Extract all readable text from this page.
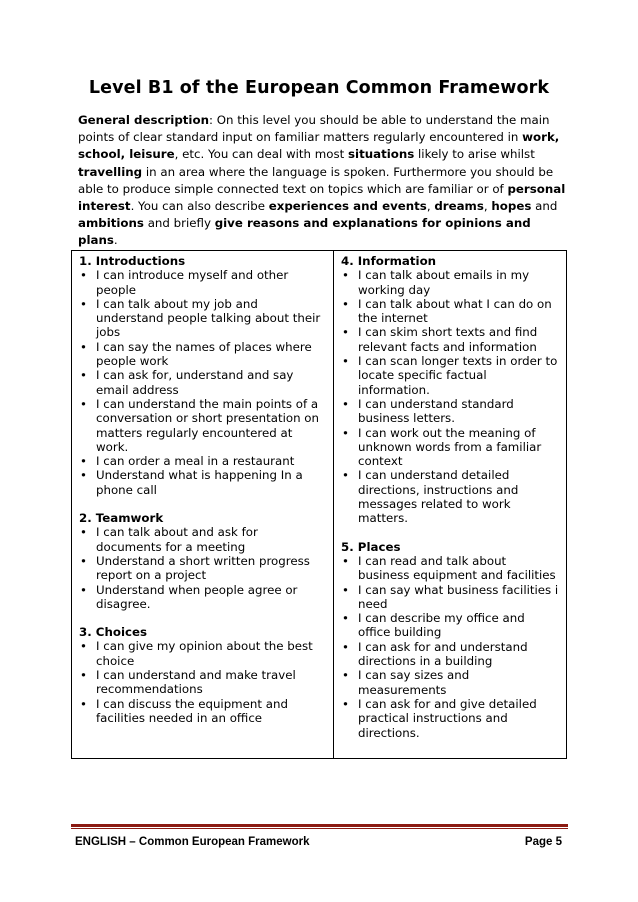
Level B1 of the European Common Framework
General description: On this level you should be able to understand the main points of clear standard input on familiar matters regularly encountered in work, school, leisure, etc. You can deal with most situations likely to arise whilst travelling in an area where the language is spoken. Furthermore you should be able to produce simple connected text on topics which are familiar or of personal interest. You can also describe experiences and events, dreams, hopes and ambitions and briefly give reasons and explanations for opinions and plans.
1. Introductions
• I can introduce myself and other people
• I can talk about my job and understand people talking about their jobs
• I can say the names of places where people work
• I can ask for, understand and say email address
• I can understand the main points of a conversation or short presentation on matters regularly encountered at work.
• I can order a meal in a restaurant
• Understand what is happening In a phone call
2. Teamwork
• I can talk about and ask for documents for a meeting
• Understand a short written progress report on a project
• Understand when people agree or disagree.
3. Choices
• I can give my opinion about the best choice
• I can understand and make travel recommendations
• I can discuss the equipment and facilities needed in an office

4. Information
• I can talk about emails in my working day
• I can talk about what I can do on the internet
• I can skim short texts and find relevant facts and information
• I can scan longer texts in order to locate specific factual information.
• I can understand standard business letters.
• I can work out the meaning of unknown words from a familiar context
• I can understand detailed directions, instructions and messages related to work matters.
5. Places
• I can read and talk about business equipment and facilities
• I can say what business facilities i need
• I can describe my office and office building
• I can ask for and understand directions in a building
• I can say sizes and measurements
• I can ask for and give detailed practical instructions and directions.
ENGLISH – Common European Framework	Page 5
